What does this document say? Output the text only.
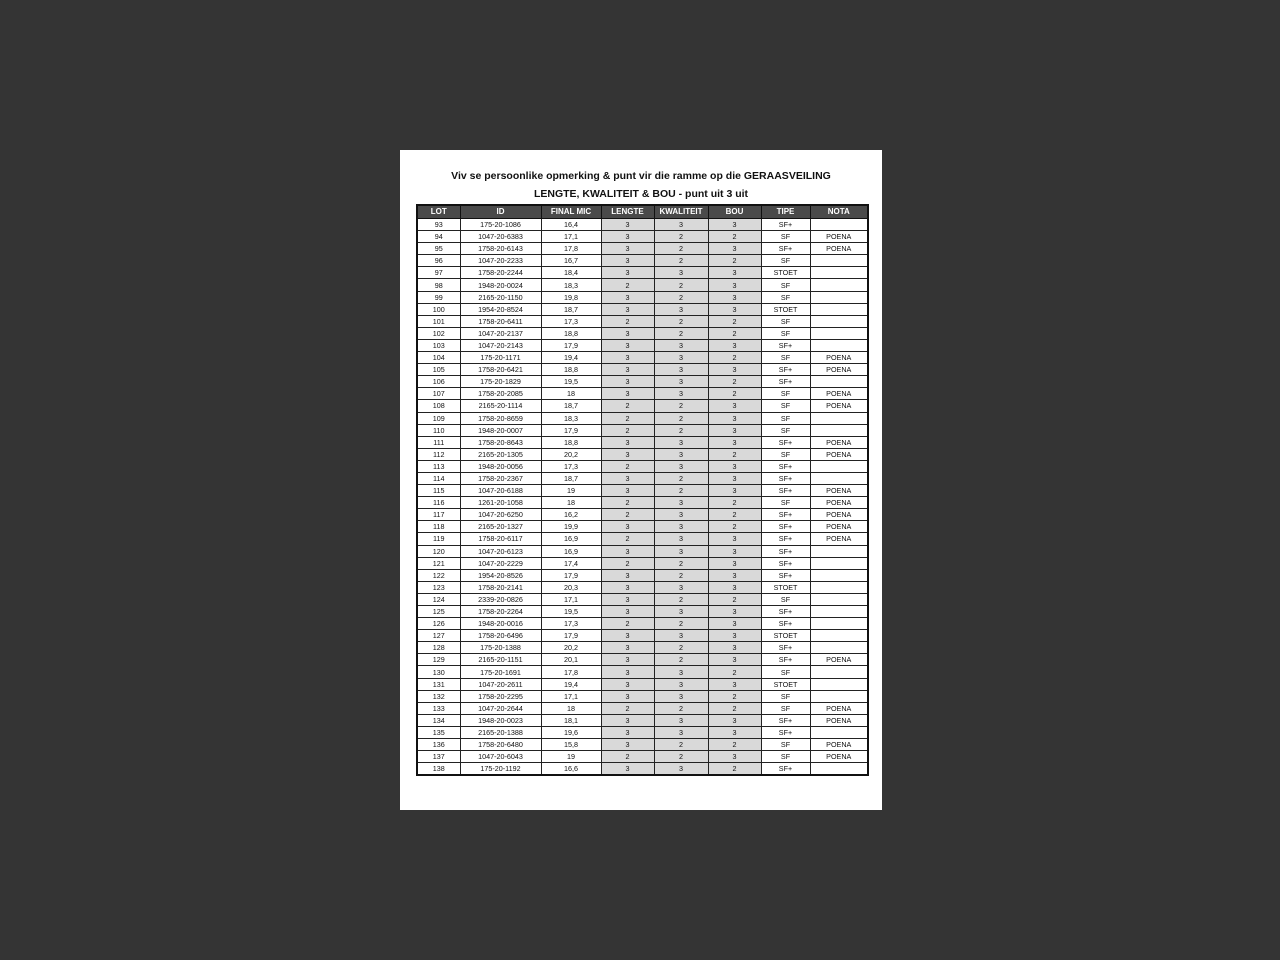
Viv se persoonlike opmerking & punt vir die ramme op die GERAASVEILING
LENGTE, KWALITEIT & BOU - punt uit 3 uit
LOT	ID	FINAL MIC	LENGTE	KWALITEIT	BOU	TIPE	NOTA
93	175-20-1086	16,4	3	3	3	SF+	
94	1047-20-6383	17,1	3	2	2	SF	POENA
95	1758-20-6143	17,8	3	2	3	SF+	POENA
96	1047-20-2233	16,7	3	2	2	SF	
97	1758-20-2244	18,4	3	3	3	STOET	
98	1948-20-0024	18,3	2	2	3	SF	
99	2165-20-1150	19,8	3	2	3	SF	
100	1954-20-8524	18,7	3	3	3	STOET	
101	1758-20-6411	17,3	2	2	2	SF	
102	1047-20-2137	18,8	3	2	2	SF	
103	1047-20-2143	17,9	3	3	3	SF+	
104	175-20-1171	19,4	3	3	2	SF	POENA
105	1758-20-6421	18,8	3	3	3	SF+	POENA
106	175-20-1829	19,5	3	3	2	SF+	
107	1758-20-2085	18	3	3	2	SF	POENA
108	2165-20-1114	18,7	2	2	3	SF	POENA
109	1758-20-8659	18,3	2	2	3	SF	
110	1948-20-0007	17,9	2	2	3	SF	
111	1758-20-8643	18,8	3	3	3	SF+	POENA
112	2165-20-1305	20,2	3	3	2	SF	POENA
113	1948-20-0056	17,3	2	3	3	SF+	
114	1758-20-2367	18,7	3	2	3	SF+	
115	1047-20-6188	19	3	2	3	SF+	POENA
116	1261-20-1058	18	2	3	2	SF	POENA
117	1047-20-6250	16,2	2	3	2	SF+	POENA
118	2165-20-1327	19,9	3	3	2	SF+	POENA
119	1758-20-6117	16,9	2	3	3	SF+	POENA
120	1047-20-6123	16,9	3	3	3	SF+	
121	1047-20-2229	17,4	2	2	3	SF+	
122	1954-20-8526	17,9	3	2	3	SF+	
123	1758-20-2141	20,3	3	3	3	STOET	
124	2339-20-0826	17,1	3	2	2	SF	
125	1758-20-2264	19,5	3	3	3	SF+	
126	1948-20-0016	17,3	2	2	3	SF+	
127	1758-20-6496	17,9	3	3	3	STOET	
128	175-20-1388	20,2	3	2	3	SF+	
129	2165-20-1151	20,1	3	2	3	SF+	POENA
130	175-20-1691	17,8	3	3	2	SF	
131	1047-20-2611	19,4	3	3	3	STOET	
132	1758-20-2295	17,1	3	3	2	SF	
133	1047-20-2644	18	2	2	2	SF	POENA
134	1948-20-0023	18,1	3	3	3	SF+	POENA
135	2165-20-1388	19,6	3	3	3	SF+	
136	1758-20-6480	15,8	3	2	2	SF	POENA
137	1047-20-6043	19	2	2	3	SF	POENA
138	175-20-1192	16,6	3	3	2	SF+	
